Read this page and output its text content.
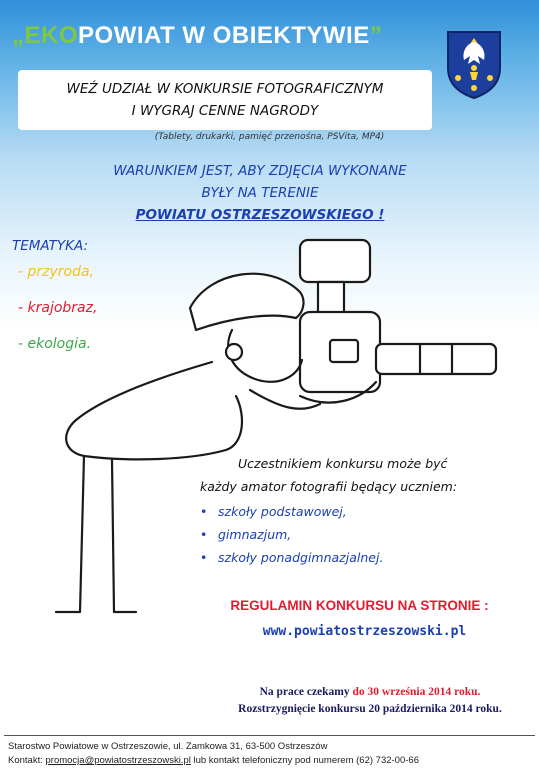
„EKOPOWIAT W OBIEKTYWIE”
WEŹ UDZIAŁ W KONKURSIE FOTOGRAFICZNYM
I WYGRAJ CENNE NAGRODY
(Tablety, drukarki, pamięć przenośna, PSVita, MP4)
WARUNKIEM JEST, ABY ZDJĘCIA WYKONANE
BYŁY NA TERENIE
POWIATU OSTRZESZOWSKIEGO !
TEMATYKA:
- przyroda,
- krajobraz,
- ekologia.
Uczestnikiem konkursu może być
każdy amator fotografii będący uczniem:
• szkoły podstawowej,
• gimnazjum,
• szkoły ponadgimnazjalnej.
REGULAMIN KONKURSU NA STRONIE :
www.powiatostrzeszowski.pl
Na prace czekamy do 30 września 2014 roku.
Rozstrzygnięcie konkursu 20 października 2014 roku.
Starostwo Powiatowe w Ostrzeszowie, ul. Zamkowa 31, 63-500 Ostrzeszów
Kontakt: promocja@powiatostrzeszowski.pl lub kontakt telefoniczny pod numerem (62) 732-00-66
